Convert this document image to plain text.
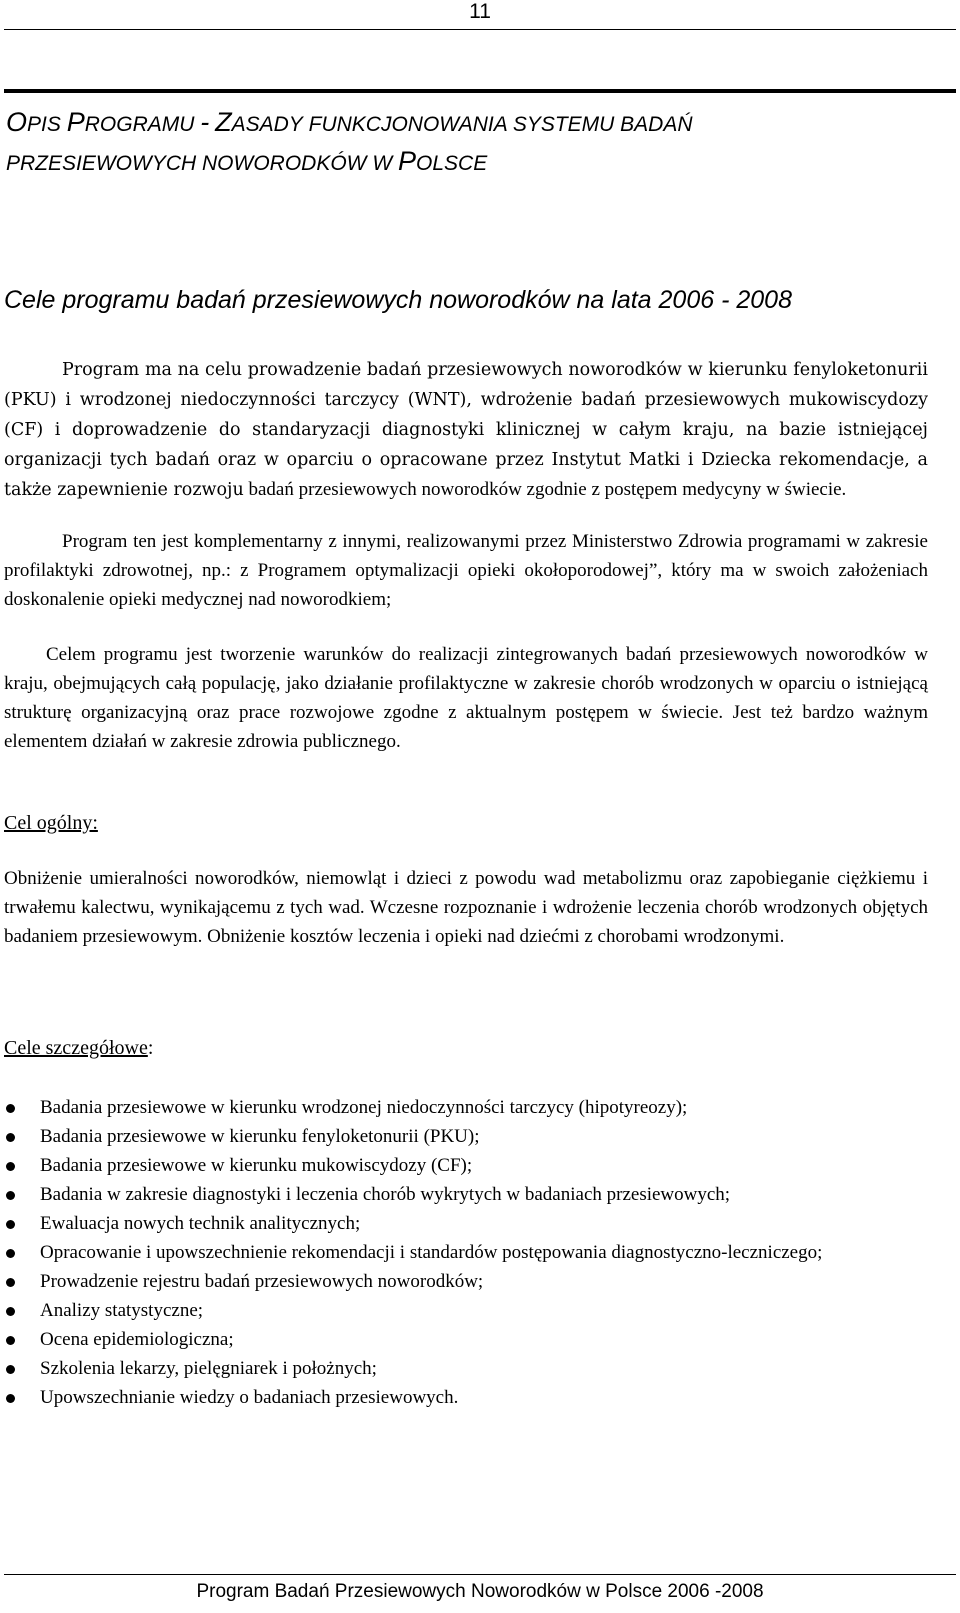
11
OPIS PROGRAMU - ZASADY FUNKCJONOWANIA SYSTEMU BADAŃ
PRZESIEWOWYCH NOWORODKÓW W POLSCE
Cele programu badań przesiewowych noworodków na lata 2006 - 2008

Program ma na celu prowadzenie badań przesiewowych noworodków w kierunku fenyloketonurii (PKU) i wrodzonej niedoczynności tarczycy (WNT), wdrożenie badań przesiewowych mukowiscydozy (CF) i doprowadzenie do standaryzacji diagnostyki klinicznej w całym kraju, na bazie istniejącej organizacji tych badań oraz w oparciu o opracowane przez Instytut Matki i Dziecka rekomendacje, a także zapewnienie rozwoju badań przesiewowych noworodków zgodnie z postępem medycyny w świecie.

Program ten jest komplementarny z innymi, realizowanymi przez Ministerstwo Zdrowia programami w zakresie profilaktyki zdrowotnej, np.: z Programem optymalizacji opieki okołoporodowej”, który ma w swoich założeniach doskonalenie opieki medycznej nad noworodkiem;

Celem programu jest tworzenie warunków do realizacji zintegrowanych badań przesiewowych noworodków w kraju, obejmujących całą populację, jako działanie profilaktyczne w zakresie chorób wrodzonych w oparciu o istniejącą strukturę organizacyjną oraz prace rozwojowe zgodne z aktualnym postępem w świecie. Jest też bardzo ważnym elementem działań w zakresie zdrowia publicznego.

Cel ogólny:

Obniżenie umieralności noworodków, niemowląt i dzieci z powodu wad metabolizmu oraz zapobieganie ciężkiemu i trwałemu kalectwu, wynikającemu z tych wad. Wczesne rozpoznanie i wdrożenie leczenia chorób wrodzonych objętych badaniem przesiewowym. Obniżenie kosztów leczenia i opieki nad dziećmi z chorobami wrodzonymi.

Cele szczegółowe:
Badania przesiewowe w kierunku wrodzonej niedoczynności tarczycy (hipotyreozy);
Badania przesiewowe w kierunku fenyloketonurii (PKU);
Badania przesiewowe w kierunku mukowiscydozy (CF);
Badania w zakresie diagnostyki i leczenia chorób wykrytych w badaniach przesiewowych;
Ewaluacja nowych technik analitycznych;
Opracowanie i upowszechnienie rekomendacji i standardów postępowania diagnostyczno-leczniczego;
Prowadzenie rejestru badań przesiewowych noworodków;
Analizy statystyczne;
Ocena epidemiologiczna;
Szkolenia lekarzy, pielęgniarek i położnych;
Upowszechnianie wiedzy o badaniach przesiewowych.
Program Badań Przesiewowych Noworodków w Polsce 2006 -2008
